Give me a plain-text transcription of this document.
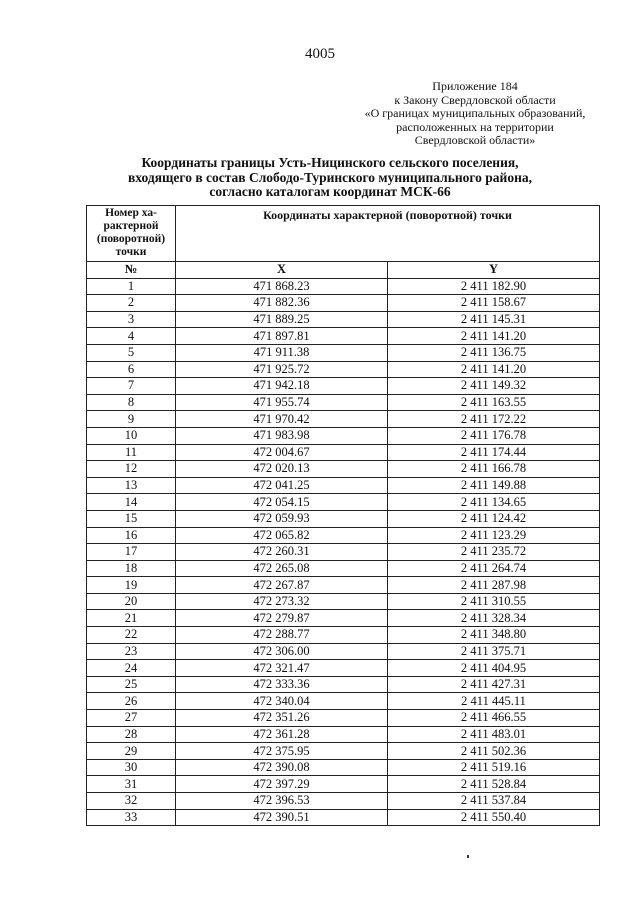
4005
Приложение 184
к Закону Свердловской области
«О границах муниципальных образований,
расположенных на территории
Свердловской области»
Координаты границы Усть-Ницинского сельского поселения,
входящего в состав Слободо-Туринского муниципального района,
согласно каталогам координат МСК-66
Номер ха-рактерной (поворотной) точки	Координаты характерной (поворотной) точки	
№	X	Y
1	471 868.23	2 411 182.90
2	471 882.36	2 411 158.67
3	471 889.25	2 411 145.31
4	471 897.81	2 411 141.20
5	471 911.38	2 411 136.75
6	471 925.72	2 411 141.20
7	471 942.18	2 411 149.32
8	471 955.74	2 411 163.55
9	471 970.42	2 411 172.22
10	471 983.98	2 411 176.78
11	472 004.67	2 411 174.44
12	472 020.13	2 411 166.78
13	472 041.25	2 411 149.88
14	472 054.15	2 411 134.65
15	472 059.93	2 411 124.42
16	472 065.82	2 411 123.29
17	472 260.31	2 411 235.72
18	472 265.08	2 411 264.74
19	472 267.87	2 411 287.98
20	472 273.32	2 411 310.55
21	472 279.87	2 411 328.34
22	472 288.77	2 411 348.80
23	472 306.00	2 411 375.71
24	472 321.47	2 411 404.95
25	472 333.36	2 411 427.31
26	472 340.04	2 411 445.11
27	472 351.26	2 411 466.55
28	472 361.28	2 411 483.01
29	472 375.95	2 411 502.36
30	472 390.08	2 411 519.16
31	472 397.29	2 411 528.84
32	472 396.53	2 411 537.84
33	472 390.51	2 411 550.40
